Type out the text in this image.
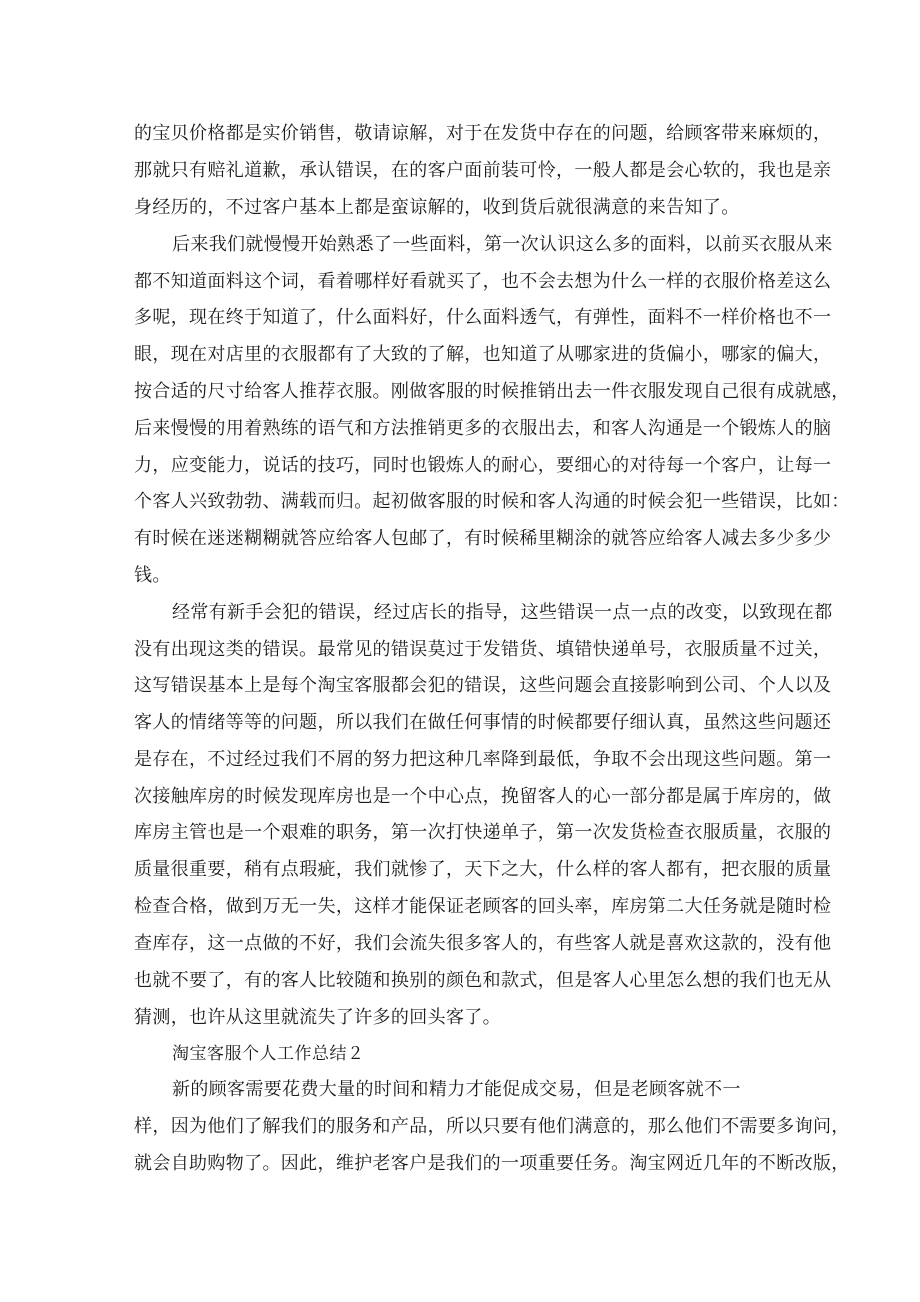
的宝贝价格都是实价销售，敬请谅解，对于在发货中存在的问题，给顾客带来麻烦的，
那就只有赔礼道歉，承认错误，在的客户面前装可怜，一般人都是会心软的，我也是亲
身经历的，不过客户基本上都是蛮谅解的，收到货后就很满意的来告知了。
后来我们就慢慢开始熟悉了一些面料，第一次认识这么多的面料，以前买衣服从来
都不知道面料这个词，看着哪样好看就买了，也不会去想为什么一样的衣服价格差这么
多呢，现在终于知道了，什么面料好，什么面料透气，有弹性，面料不一样价格也不一
眼，现在对店里的衣服都有了大致的了解，也知道了从哪家进的货偏小，哪家的偏大，
按合适的尺寸给客人推荐衣服。刚做客服的时候推销出去一件衣服发现自己很有成就感，
后来慢慢的用着熟练的语气和方法推销更多的衣服出去，和客人沟通是一个锻炼人的脑
力，应变能力，说话的技巧，同时也锻炼人的耐心，要细心的对待每一个客户，让每一
个客人兴致勃勃、满载而归。起初做客服的时候和客人沟通的时候会犯一些错误，比如：
有时候在迷迷糊糊就答应给客人包邮了，有时候稀里糊涂的就答应给客人减去多少多少
钱。
经常有新手会犯的错误，经过店长的指导，这些错误一点一点的改变，以致现在都
没有出现这类的错误。最常见的错误莫过于发错货、填错快递单号，衣服质量不过关，
这写错误基本上是每个淘宝客服都会犯的错误，这些问题会直接影响到公司、个人以及
客人的情绪等等的问题，所以我们在做任何事情的时候都要仔细认真，虽然这些问题还
是存在，不过经过我们不屑的努力把这种几率降到最低，争取不会出现这些问题。第一
次接触库房的时候发现库房也是一个中心点，挽留客人的心一部分都是属于库房的，做
库房主管也是一个艰难的职务，第一次打快递单子，第一次发货检查衣服质量，衣服的
质量很重要，稍有点瑕疵，我们就惨了，天下之大，什么样的客人都有，把衣服的质量
检查合格，做到万无一失，这样才能保证老顾客的回头率，库房第二大任务就是随时检
查库存，这一点做的不好，我们会流失很多客人的，有些客人就是喜欢这款的，没有他
也就不要了，有的客人比较随和换别的颜色和款式，但是客人心里怎么想的我们也无从
猜测，也许从这里就流失了许多的回头客了。
淘宝客服个人工作总结２
新的顾客需要花费大量的时间和精力才能促成交易，但是老顾客就不一
样，因为他们了解我们的服务和产品，所以只要有他们满意的，那么他们不需要多询问，
就会自助购物了。因此，维护老客户是我们的一项重要任务。淘宝网近几年的不断改版，
